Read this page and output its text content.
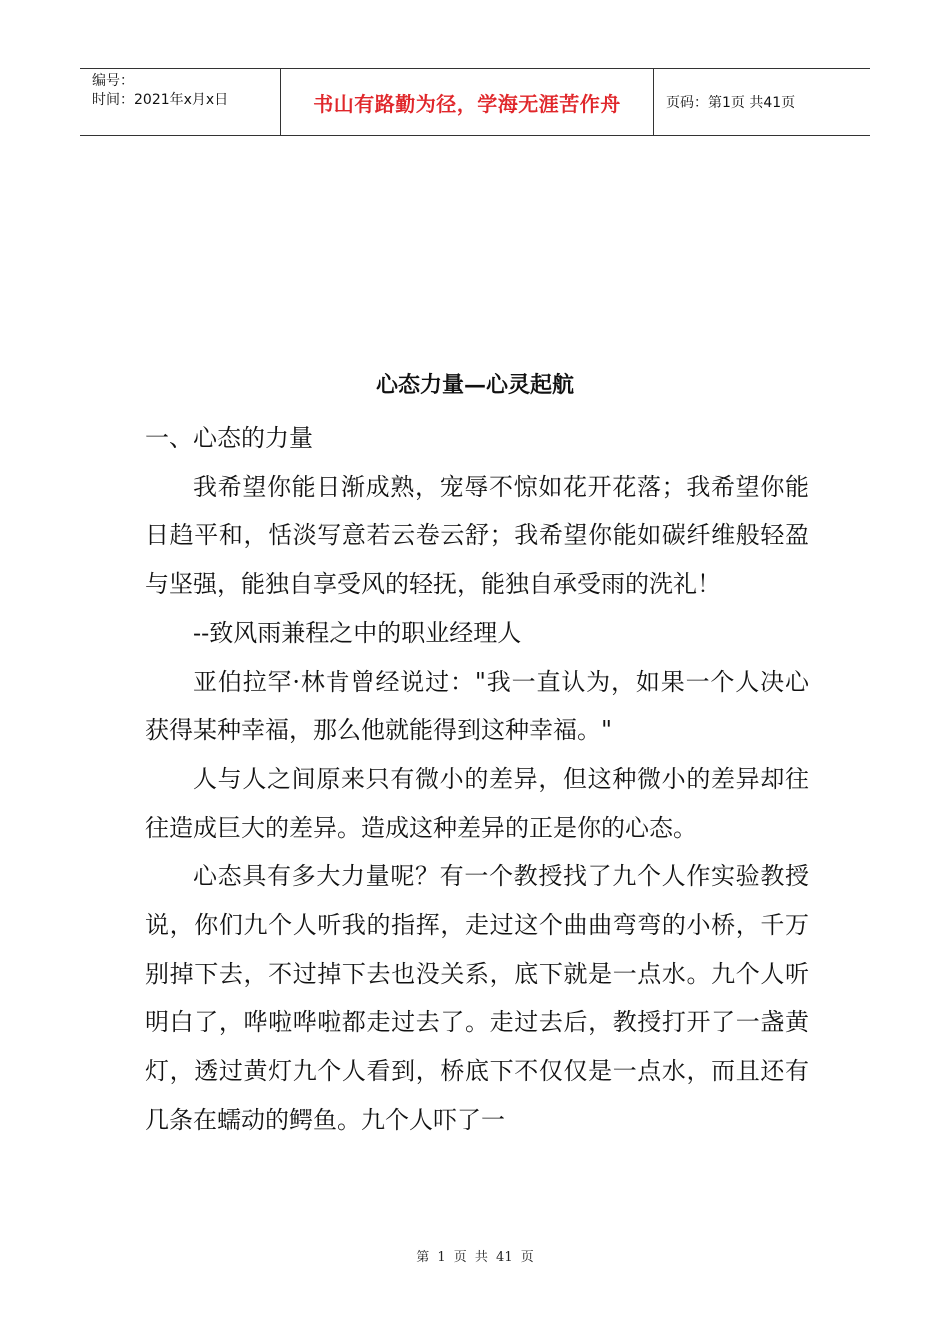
编号：
时间：2021年x月x日	书山有路勤为径，学海无涯苦作舟	页码：第1页 共41页
心态力量—心灵起航

一、心态的力量

我希望你能日渐成熟，宠辱不惊如花开花落；我希望你能日趋平和，恬淡写意若云卷云舒；我希望你能如碳纤维般轻盈与坚强，能独自享受风的轻抚，能独自承受雨的洗礼！

--致风雨兼程之中的职业经理人

亚伯拉罕·林肯曾经说过："我一直认为，如果一个人决心获得某种幸福，那么他就能得到这种幸福。"

人与人之间原来只有微小的差异，但这种微小的差异却往往造成巨大的差异。造成这种差异的正是你的心态。

心态具有多大力量呢？有一个教授找了九个人作实验教授说，你们九个人听我的指挥，走过这个曲曲弯弯的小桥，千万别掉下去，不过掉下去也没关系，底下就是一点水。九个人听明白了，哗啦哗啦都走过去了。走过去后，教授打开了一盏黄灯，透过黄灯九个人看到，桥底下不仅仅是一点水，而且还有几条在蠕动的鳄鱼。九个人吓了一

第 1 页 共 41 页
